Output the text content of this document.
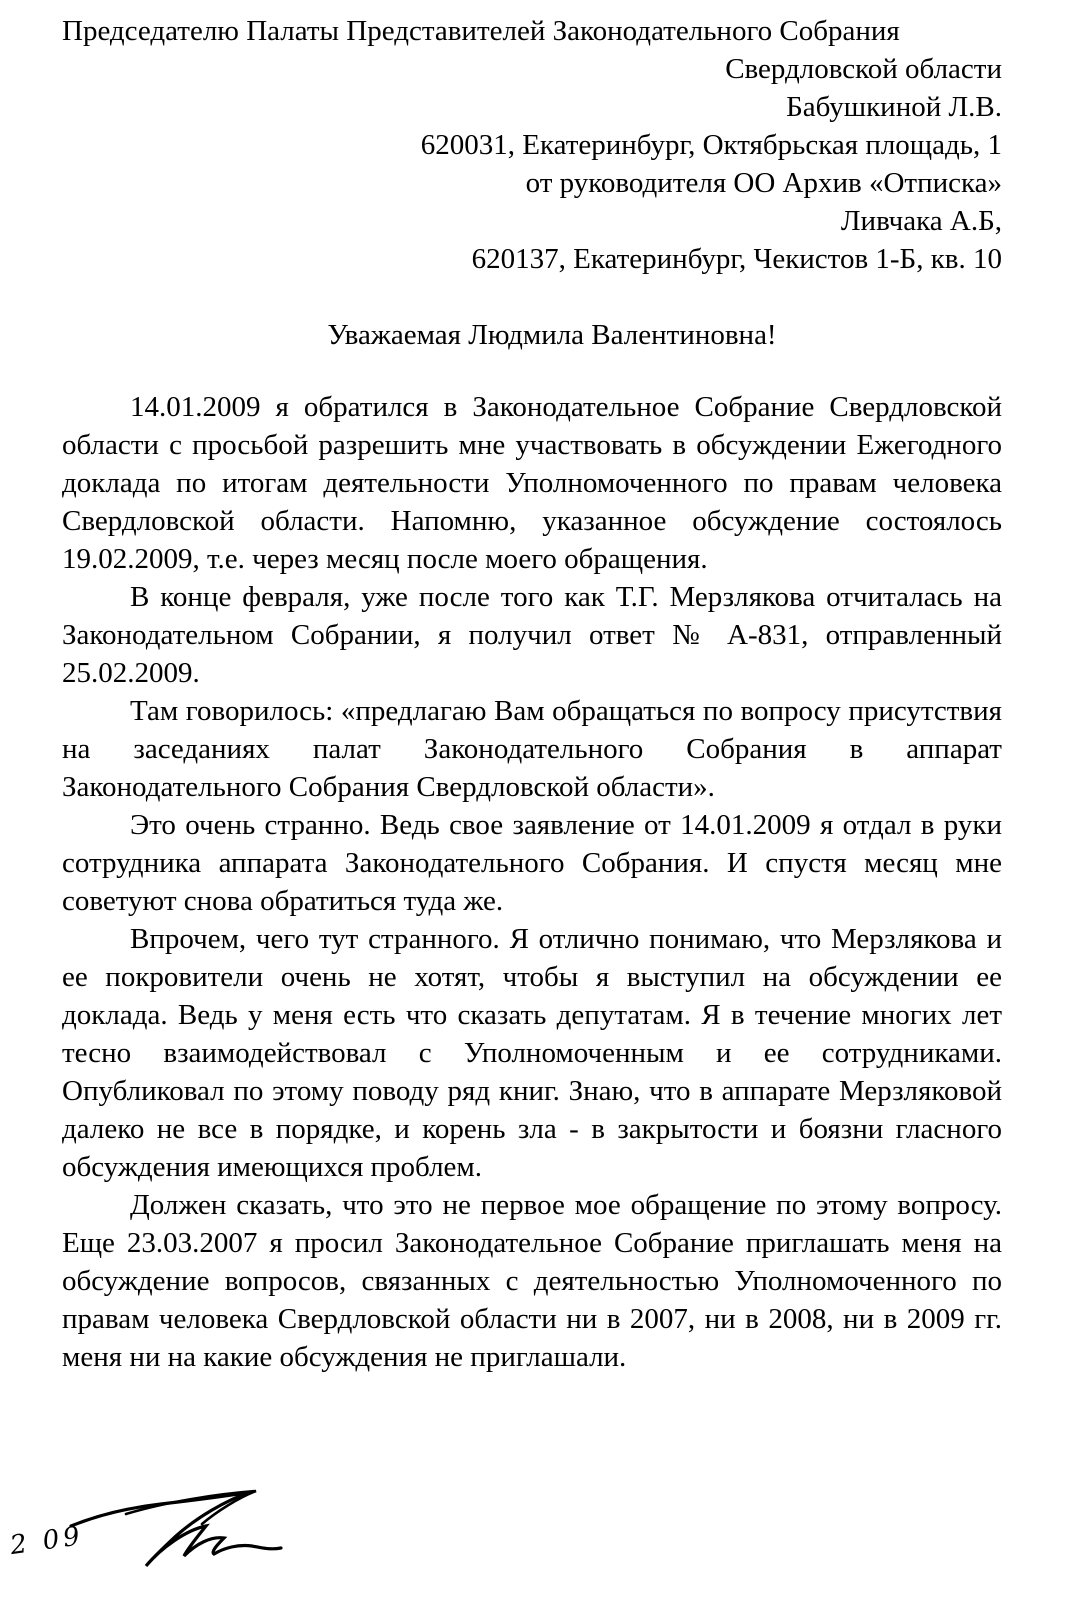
Председателю Палаты Представителей Законодательного Собрания
Свердловской области
Бабушкиной Л.В.
620031, Екатеринбург, Октябрьская площадь, 1
от руководителя ОО Архив «Отписка»
Ливчака А.Б,
620137, Екатеринбург, Чекистов 1-Б, кв. 10
Уважаемая Людмила Валентиновна!

14.01.2009 я обратился в Законодательное Собрание Свердловской области с просьбой разрешить мне участвовать в обсуждении Ежегодного доклада по итогам деятельности Уполномоченного по правам человека Свердловской области. Напомню, указанное обсуждение состоялось 19.02.2009, т.е. через месяц после моего обращения.

В конце февраля, уже после того как Т.Г. Мерзлякова отчиталась на Законодательном Собрании, я получил ответ № А-831, отправленный 25.02.2009.

Там говорилось: «предлагаю Вам обращаться по вопросу присутствия на заседаниях палат Законодательного Собрания в аппарат Законодательного Собрания Свердловской области».

Это очень странно. Ведь свое заявление от 14.01.2009 я отдал в руки сотрудника аппарата Законодательного Собрания. И спустя месяц мне советуют снова обратиться туда же.

Впрочем, чего тут странного. Я отлично понимаю, что Мерзлякова и ее покровители очень не хотят, чтобы я выступил на обсуждении ее доклада. Ведь у меня есть что сказать депутатам. Я в течение многих лет тесно взаимодействовал с Уполномоченным и ее сотрудниками. Опубликовал по этому поводу ряд книг. Знаю, что в аппарате Мерзляковой далеко не все в порядке, и корень зла - в закрытости и боязни гласного обсуждения имеющихся проблем.

Должен сказать, что это не первое мое обращение по этому вопросу. Еще 23.03.2007 я просил Законодательное Собрание приглашать меня на обсуждение вопросов, связанных с деятельностью Уполномоченного по правам человека Свердловской области ни в 2007, ни в 2008, ни в 2009 гг. меня ни на какие обсуждения не приглашали.

2 09
